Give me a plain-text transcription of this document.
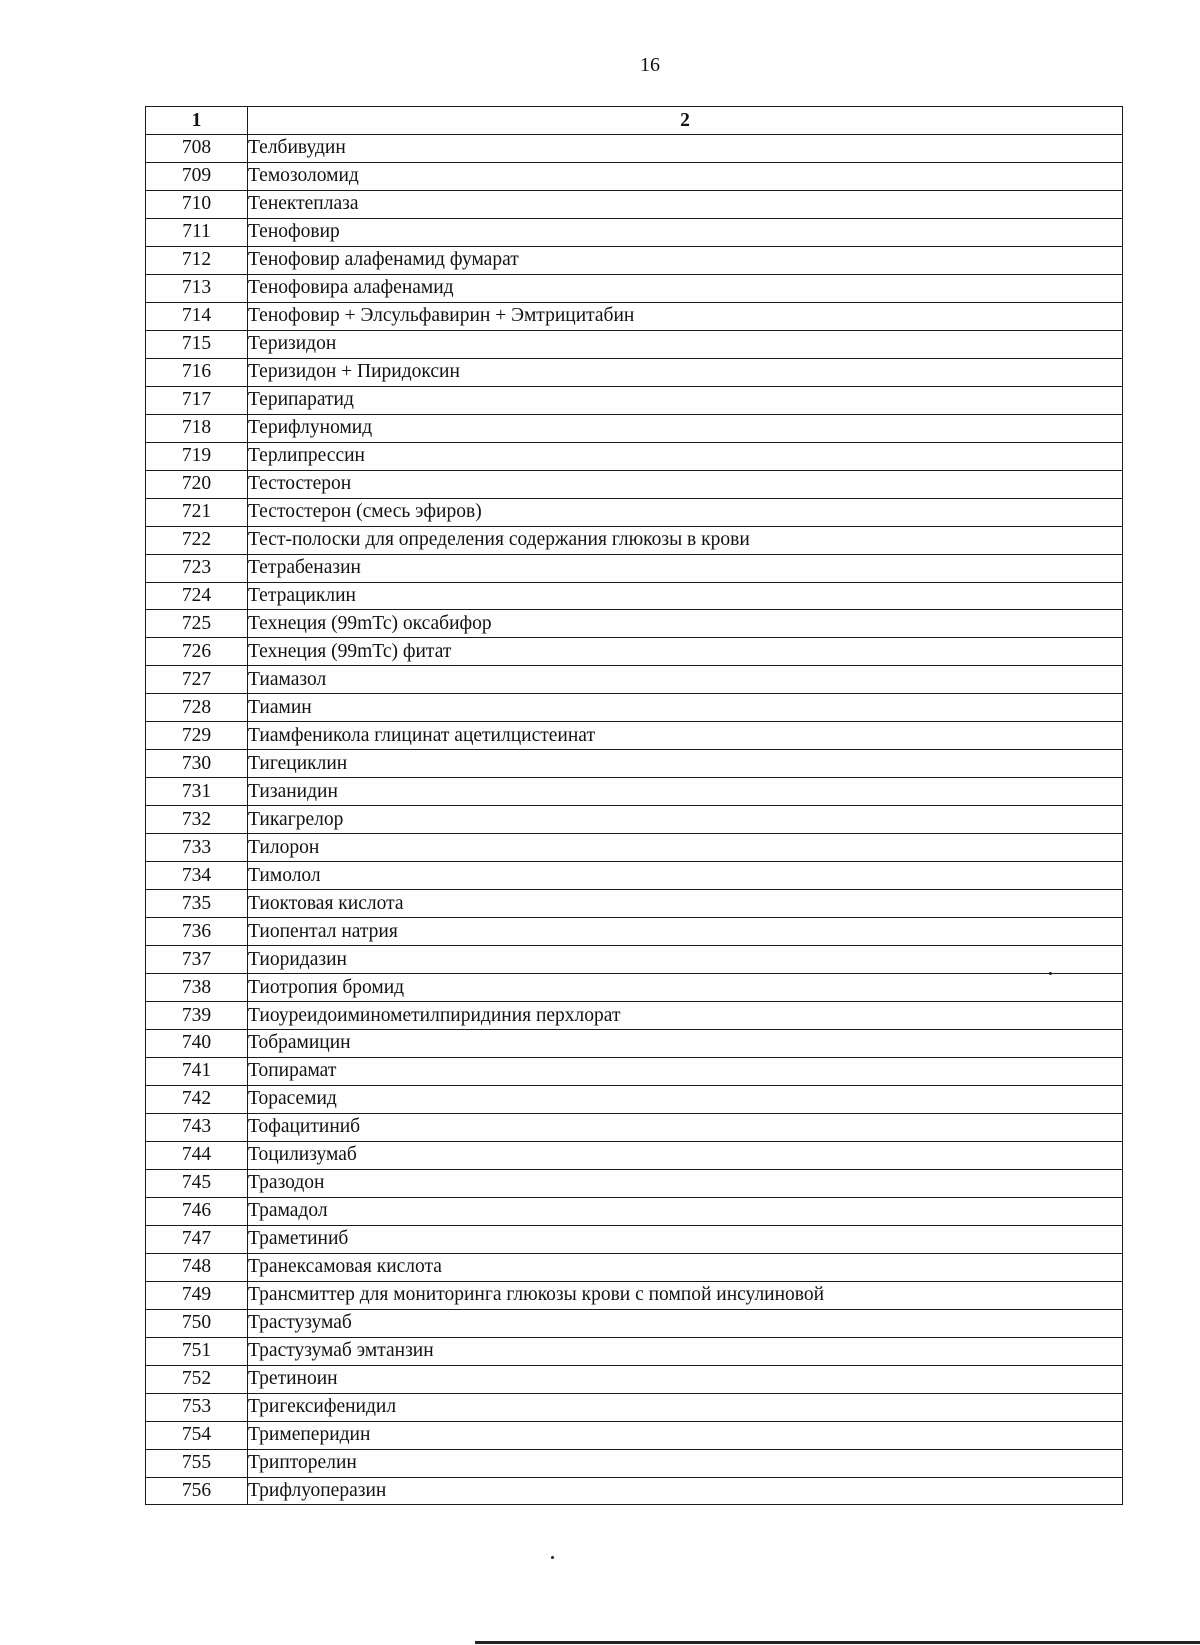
16
1	2
708	Телбивудин
709	Темозоломид
710	Тенектеплаза
711	Тенофовир
712	Тенофовир алафенамид фумарат
713	Тенофовира алафенамид
714	Тенофовир + Элсульфавирин + Эмтрицитабин
715	Теризидон
716	Теризидон + Пиридоксин
717	Терипаратид
718	Терифлуномид
719	Терлипрессин
720	Тестостерон
721	Тестостерон (смесь эфиров)
722	Тест-полоски для определения содержания глюкозы в крови
723	Тетрабеназин
724	Тетрациклин
725	Технеция (99mTc) оксабифор
726	Технеция (99mTc) фитат
727	Тиамазол
728	Тиамин
729	Тиамфеникола глицинат ацетилцистеинат
730	Тигециклин
731	Тизанидин
732	Тикагрелор
733	Тилорон
734	Тимолол
735	Тиоктовая кислота
736	Тиопентал натрия
737	Тиоридазин
738	Тиотропия бромид
739	Тиоуреидоиминометилпиридиния перхлорат
740	Тобрамицин
741	Топирамат
742	Торасемид
743	Тофацитиниб
744	Тоцилизумаб
745	Тразодон
746	Трамадол
747	Траметиниб
748	Транексамовая кислота
749	Трансмиттер для мониторинга глюкозы крови с помпой инсулиновой
750	Трастузумаб
751	Трастузумаб эмтанзин
752	Третиноин
753	Тригексифенидил
754	Тримеперидин
755	Трипторелин
756	Трифлуоперазин
